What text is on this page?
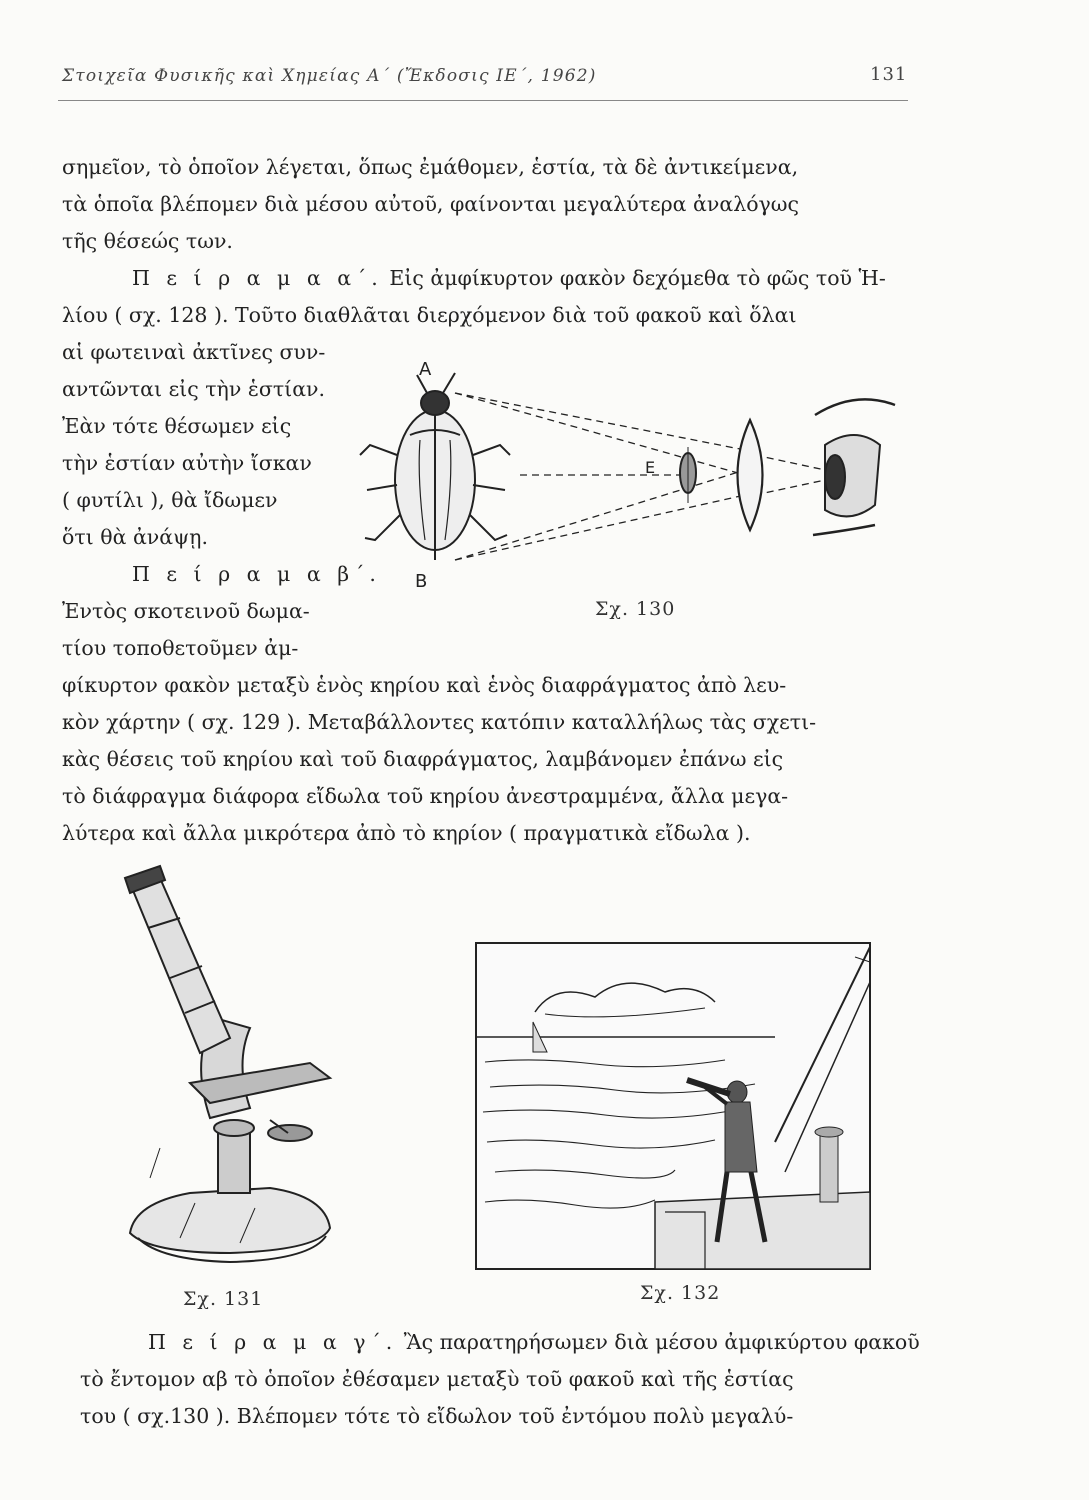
Στοιχεῖα Φυσικῆς καὶ Χημείας Α΄ (Ἔκδοσις ΙΕ΄, 1962)	131
σημεῖον, τὸ ὁποῖον λέγεται, ὅπως ἐμάθομεν, ἑστία, τὰ δὲ ἀντικείμενα,
τὰ ὁποῖα βλέπομεν διὰ μέσου αὐτοῦ, φαίνονται μεγαλύτερα ἀναλόγως
τῆς θέσεώς των.
Π ε ί ρ α μ α α΄. Εἰς ἀμφίκυρτον φακὸν δεχόμεθα τὸ φῶς τοῦ Ἡ-
λίου ( σχ. 128 ). Τοῦτο διαθλᾶται διερχόμενον διὰ τοῦ φακοῦ καὶ ὅλαι
αἱ φωτειναὶ ἀκτῖνες συν-
αντῶνται εἰς τὴν ἑστίαν.
Ἐὰν τότε θέσωμεν εἰς
τὴν ἑστίαν αὐτὴν ἴσκαν
( φυτίλι ), θὰ ἴδωμεν
ὅτι θὰ ἀνάψῃ.
Π ε ί ρ α μ α β΄.
Ἐντὸς σκοτεινοῦ δωμα-
τίου τοποθετοῦμεν ἀμ-
φίκυρτον φακὸν μεταξὺ ἑνὸς κηρίου καὶ ἑνὸς διαφράγματος ἀπὸ λευ-
κὸν χάρτην ( σχ. 129 ). Μεταβάλλοντες κατόπιν καταλλήλως τὰς σχετι-
κὰς θέσεις τοῦ κηρίου καὶ τοῦ διαφράγματος, λαμβάνομεν ἐπάνω εἰς
τὸ διάφραγμα διάφορα εἴδωλα τοῦ κηρίου ἀνεστραμμένα, ἄλλα μεγα-
λύτερα καὶ ἄλλα μικρότερα ἀπὸ τὸ κηρίον ( πραγματικὰ εἴδωλα ).
A
B
E
Σχ. 130
Σχ. 131	Σχ. 132
Π ε ί ρ α μ α γ΄. Ἂς παρατηρήσωμεν διὰ μέσου ἀμφικύρτου φακοῦ
τὸ ἔντομον αβ τὸ ὁποῖον ἐθέσαμεν μεταξὺ τοῦ φακοῦ καὶ τῆς ἑστίας
του ( σχ.130 ). Βλέπομεν τότε τὸ εἴδωλον τοῦ ἐντόμου πολὺ μεγαλύ-
